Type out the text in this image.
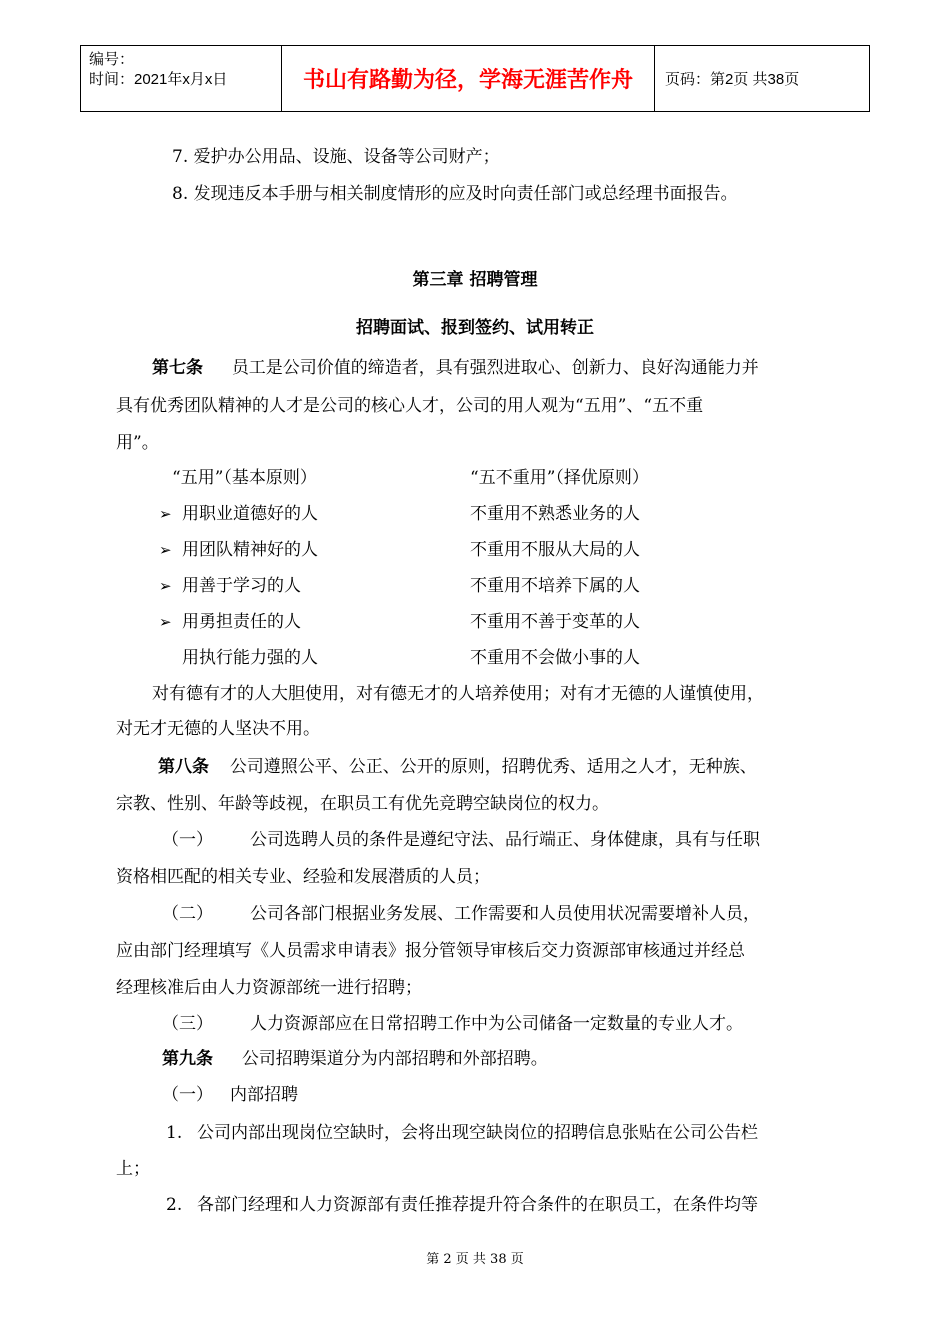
编号：
时间：2021年x月x日	书山有路勤为径，学海无涯苦作舟	页码：第2页 共38页
7. 爱护办公用品、设施、设备等公司财产；
8. 发现违反本手册与相关制度情形的应及时向责任部门或总经理书面报告。
第三章 招聘管理
招聘面试、报到签约、试用转正
第七条 员工是公司价值的缔造者，具有强烈进取心、创新力、良好沟通能力并
具有优秀团队精神的人才是公司的核心人才，公司的用人观为“五用”、“五不重
用”。
“五用”（基本原则）	“五不重用”（择优原则）
➢ 用职业道德好的人	不重用不熟悉业务的人
➢ 用团队精神好的人	不重用不服从大局的人
➢ 用善于学习的人	不重用不培养下属的人
➢ 用勇担责任的人	不重用不善于变革的人
用执行能力强的人	不重用不会做小事的人
对有德有才的人大胆使用，对有德无才的人培养使用；对有才无德的人谨慎使用，
对无才无德的人坚决不用。
第八条 公司遵照公平、公正、公开的原则，招聘优秀、适用之人才，无种族、
宗教、性别、年龄等歧视，在职员工有优先竞聘空缺岗位的权力。
（一） 公司选聘人员的条件是遵纪守法、品行端正、身体健康，具有与任职
资格相匹配的相关专业、经验和发展潜质的人员；
（二） 公司各部门根据业务发展、工作需要和人员使用状况需要增补人员，
应由部门经理填写《人员需求申请表》报分管领导审核后交力资源部审核通过并经总
经理核准后由人力资源部统一进行招聘；
（三） 人力资源部应在日常招聘工作中为公司储备一定数量的专业人才。
第九条 公司招聘渠道分为内部招聘和外部招聘。
（一） 内部招聘
1. 公司内部出现岗位空缺时，会将出现空缺岗位的招聘信息张贴在公司公告栏
上；
2. 各部门经理和人力资源部有责任推荐提升符合条件的在职员工，在条件均等
第 2 页 共 38 页
